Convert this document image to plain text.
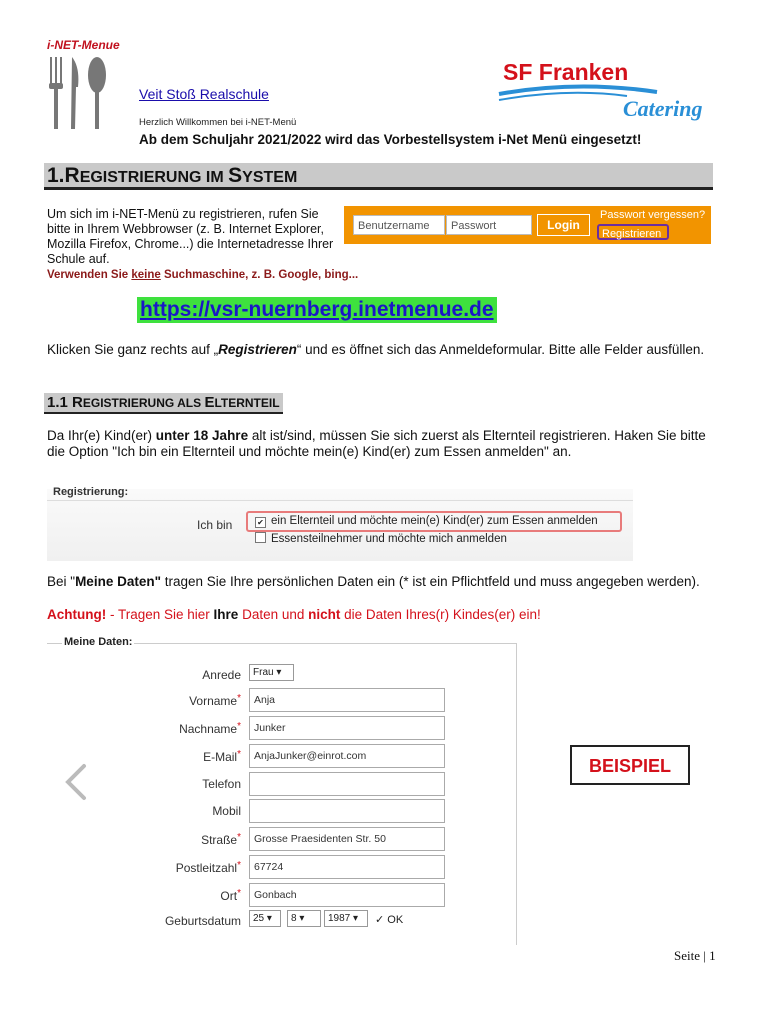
i-NET-Menue
Veit Stoß Realschule
Herzlich Willkommen bei i-NET-Menü
Ab dem Schuljahr 2021/2022 wird das Vorbestellsystem i-Net Menü eingesetzt!
SF Franken
Catering
1.REGISTRIERUNG IM SYSTEM
Um sich im i-NET-Menü zu registrieren, rufen Sie bitte in Ihrem Webbrowser (z. B. Internet Explorer, Mozilla Firefox, Chrome...) die Internetadresse Ihrer Schule auf.
Verwenden Sie keine Suchmaschine, z. B. Google, bing...
Benutzername	Passwort	Login
Passwort vergessen?
Registrieren
https://vsr-nuernberg.inetmenue.de
Klicken Sie ganz rechts auf „Registrieren“ und es öffnet sich das Anmeldeformular. Bitte alle Felder ausfüllen.
1.1 REGISTRIERUNG ALS ELTERNTEIL
Da Ihr(e) Kind(er) unter 18 Jahre alt ist/sind, müssen Sie sich zuerst als Elternteil registrieren. Haken Sie bitte die Option "Ich bin ein Elternteil und möchte mein(e) Kind(er) zum Essen anmelden" an.
Registrierung:
Ich bin	✔ ein Elternteil und möchte mein(e) Kind(er) zum Essen anmelden
Essensteilnehmer und möchte mich anmelden
Bei "Meine Daten" tragen Sie Ihre persönlichen Daten ein (* ist ein Pflichtfeld und muss angegeben werden).
Achtung! - Tragen Sie hier Ihre Daten und nicht die Daten Ihres(r) Kindes(er) ein!
Meine Daten:
Anrede	Frau ▾
Vorname*	Anja
Nachname*	Junker
E-Mail*	AnjaJunker@einrot.com
Telefon
Mobil
Straße*	Grosse Praesidenten Str. 50
Postleitzahl*	67724
Ort*	Gonbach
Geburtsdatum	25 ▾	8 ▾	1987 ▾	✓ OK
BEISPIEL
Seite | 1
